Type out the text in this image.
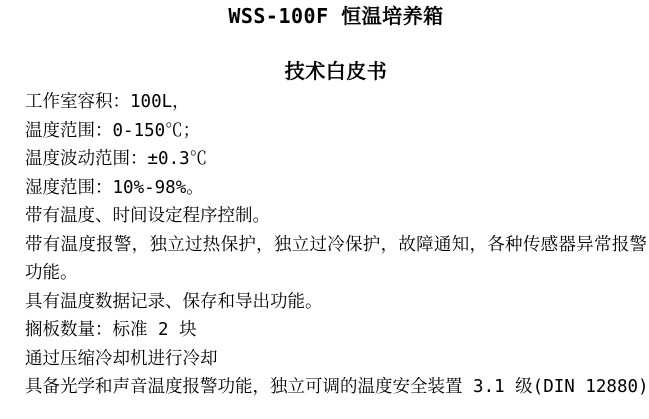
WSS-100F 恒温培养箱
技术白皮书

工作室容积：100L，

温度范围：0-150℃；

温度波动范围：±0.3℃

湿度范围：10%-98%。

带有温度、时间设定程序控制。

带有温度报警，独立过热保护，独立过冷保护，故障通知，各种传感器异常报警

功能。

具有温度数据记录、保存和导出功能。

搁板数量：标准 2 块

通过压缩冷却机进行冷却

具备光学和声音温度报警功能，独立可调的温度安全装置 3.1 级(DIN 12880)
